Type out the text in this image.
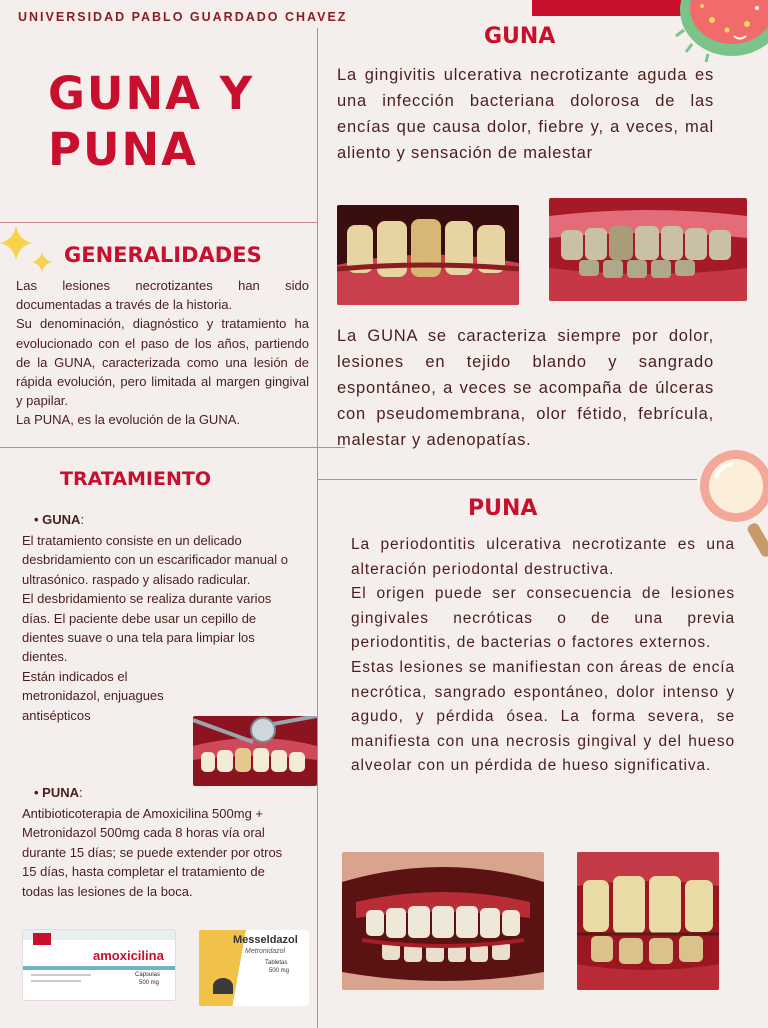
UNIVERSIDAD PABLO GUARDADO CHAVEZ
GUNA Y
PUNA
GENERALIDADES
Las lesiones necrotizantes han sido documentadas a través de la historia.
Su denominación, diagnóstico y tratamiento ha evolucionado con el paso de los años, partiendo de la GUNA, caracterizada como una lesión de rápida evolución, pero limitada al margen gingival y papilar.
La PUNA, es la evolución de la GUNA.
TRATAMIENTO
• GUNA:
El tratamiento consiste en un delicado desbridamiento con un escarificador manual o ultrasónico. raspado y alisado radicular.
El desbridamiento se realiza durante varios días. El paciente debe usar un cepillo de dientes suave o una tela para limpiar los dientes.
Están indicados el metronidazol, enjuagues antisépticos
• PUNA:
Antibioticoterapia de Amoxicilina 500mg + Metronidazol 500mg cada 8 horas vía oral durante 15 días; se puede extender por otros 15 días, hasta completar el tratamiento de todas las lesiones de la boca.
amoxicilina
Cápsulas
500 mg
Messeldazol
Metronidazol
Tabletas
500 mg
GUNA
La gingivitis ulcerativa necrotizante aguda es una infección bacteriana dolorosa de las encías que causa dolor, fiebre y, a veces, mal aliento y sensación de malestar
La GUNA se caracteriza siempre por dolor, lesiones en tejido blando y sangrado espontáneo, a veces se acompaña de úlceras con pseudomembrana, olor fétido, febrícula, malestar y adenopatías.
PUNA
La periodontitis ulcerativa necrotizante es una alteración periodontal destructiva.
El origen puede ser consecuencia de lesiones gingivales necróticas o de una previa periodontitis, de bacterias o factores externos.
Estas lesiones se manifiestan con áreas de encía necrótica, sangrado espontáneo, dolor intenso y agudo, y pérdida ósea. La forma severa, se manifiesta con una necrosis gingival y del hueso alveolar con un pérdida de hueso significativa.
